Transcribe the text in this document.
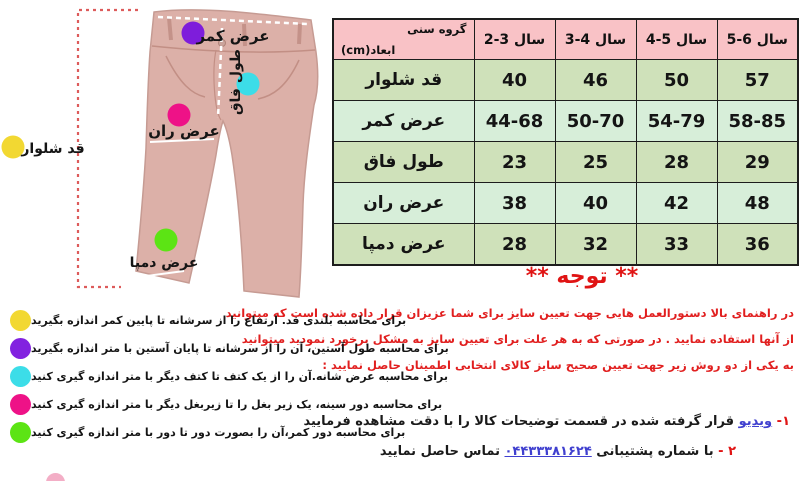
عرض کمر
طول فاق
عرض ران
عرض دمپا
قد شلوار
گروه سنی
ابعاد(cm)	2-3 سال	3-4 سال	4-5 سال	5-6 سال
قد شلوار	40	46	50	57
عرض کمر	44-68	50-70	54-79	58-85
طول فاق	23	25	28	29
عرض ران	38	40	42	48
عرض دمپا	28	32	33	36
** توجه **
در راهنمای بالا دستورالعمل هایی جهت تعیین سایز برای شما عزیزان قرار داده شده است که میتوانید
از آنها استفاده نمایید . در صورتی که به هر علت برای تعیین سایز به مشکل برخورد نمودید میتوانید
به یکی از دو روش زیر جهت تعیین صحیح سایز کالای انتخابی اطمینان حاصل نمایید :
۱- ویدیو قرار گرفته شده در قسمت توضیحات کالا را با دقت مشاهده فرمایید
۲ - با شماره پشتیبانی ۰۴۴۳۳۳۸۱۶۲۴ تماس حاصل نمایید
برای محاسبه بلندی قد. ارتفاع را از سرشانه تا پایین کمر اندازه بگیرید
برای محاسبه طول آستین، آن را از سرشانه تا پایان آستین با متر اندازه بگیرید
برای محاسبه عرض شانه.آن را از یک کتف تا کتف دیگر با متر اندازه گیری کنید
برای محاسبه دور سینه، یک زیر بغل را تا زیربغل دیگر با متر اندازه گیری کنید
برای محاسبه دور کمر،آن را بصورت دور تا دور با متر اندازه گیری کنید
